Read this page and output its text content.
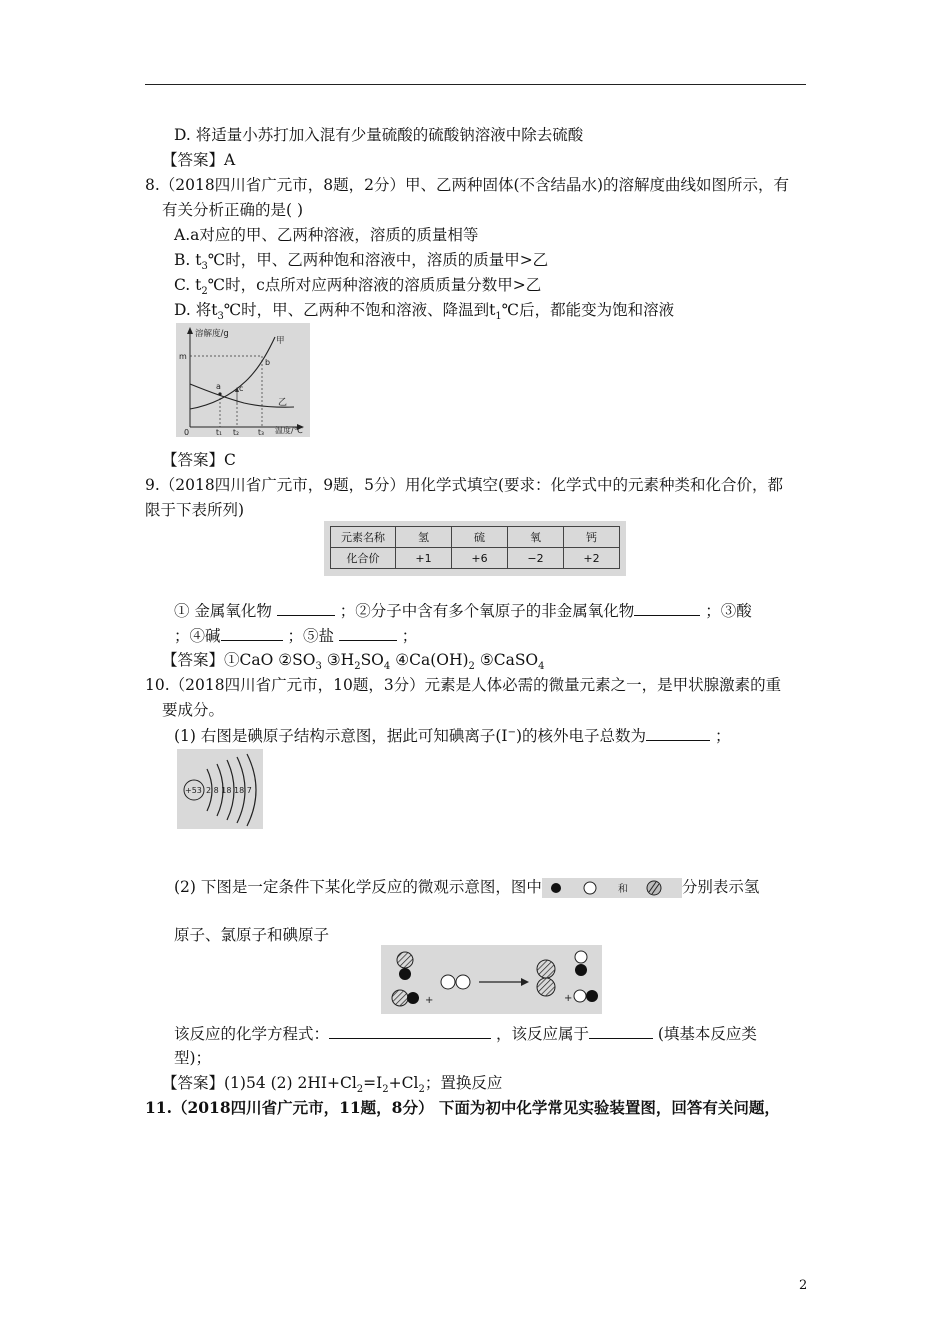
D. 将适量小苏打加入混有少量硫酸的硫酸钠溶液中除去硫酸
【答案】A
8.（2018四川省广元市，8题，2分）甲、乙两种固体(不含结晶水)的溶解度曲线如图所示，有
有关分析正确的是( )
A.a对应的甲、乙两种溶液，溶质的质量相等
B. $t_3℃$时，甲、乙两种饱和溶液中，溶质的质量甲>乙
C. $t_2℃$时，c点所对应两种溶液的溶质质量分数甲>乙
D. 将$t_3℃$时，甲、乙两种不饱和溶液、降温到$t_1℃$后，都能变为饱和溶液
溶解度/g
温度/℃
m
0
a
b
c
甲
乙
t₁ t₂	t₃
【答案】C
9.（2018四川省广元市，9题，5分）用化学式填空(要求：化学式中的元素种类和化合价，都
限于下表所列)
元素名称	氢	硫	氧	钙
化合价	+1	+6	−2	+2
① 金属氧化物	；②分子中含有多个氧原子的非金属氧化物	；③酸
；④碱	；⑤盐	；
【答案】①CaO $②SO_3$ $③H_2SO_4$ $④Ca(OH)_2$ ⑤CaSO$_4$
10.（2018四川省广元市，10题，3分）元素是人体必需的微量元素之一，是甲状腺激素的重
要成分。
(1) 右图是碘原子结构示意图，据此可知碘离子(I−)的核外电子总数为	；
+53 2 8 18 18 7
(2) 下图是一定条件下某化学反应的微观示意图，图中	和	分别表示氢
原子、氯原子和碘原子
+	+
该反应的化学方程式：	，该反应属于	(填基本反应类
型)；
【答案】(1)54 (2) $2HI+Cl_2=I_2+Cl_2$；置换反应
11.（2018四川省广元市，11题，8分） 下面为初中化学常见实验装置图，回答有关问题，
2
